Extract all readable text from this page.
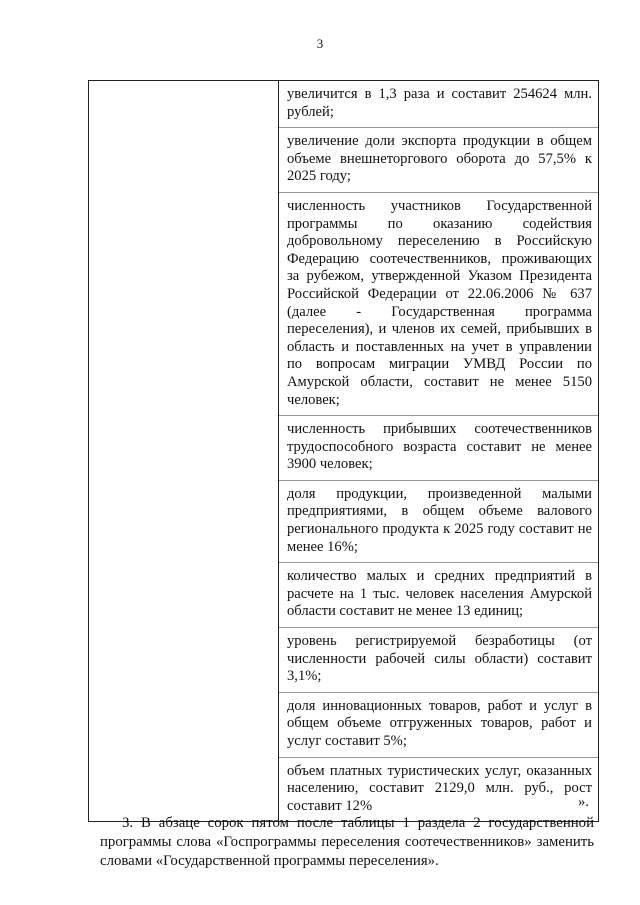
3

увеличится в 1,3 раза и составит 254624 млн. рублей;
увеличение доли экспорта продукции в общем объеме внешнеторгового оборота до 57,5% к 2025 году;
численность участников Государственной программы по оказанию содействия добровольному переселению в Российскую Федерацию соотечественников, проживающих за рубежом, утвержденной Указом Президента Российской Федерации от 22.06.2006 № 637 (далее - Государственная программа переселения), и членов их семей, прибывших в область и поставленных на учет в управлении по вопросам миграции УМВД России по Амурской области, составит не менее 5150 человек;
численность прибывших соотечественников трудоспособного возраста составит не менее 3900 человек;
доля продукции, произведенной малыми предприятиями, в общем объеме валового регионального продукта к 2025 году составит не менее 16%;
количество малых и средних предприятий в расчете на 1 тыс. человек населения Амурской области составит не менее 13 единиц;
уровень регистрируемой безработицы (от численности рабочей силы области) составит 3,1%;
доля инновационных товаров, работ и услуг в общем объеме отгруженных товаров, работ и услуг составит 5%;
объем платных туристических услуг, оказанных населению, составит 2129,0 млн. руб., рост составит 12%	».
3. В абзаце сорок пятом после таблицы 1 раздела 2 государственной программы слова «Госпрограммы переселения соотечественников» заменить словами «Государственной программы переселения».
